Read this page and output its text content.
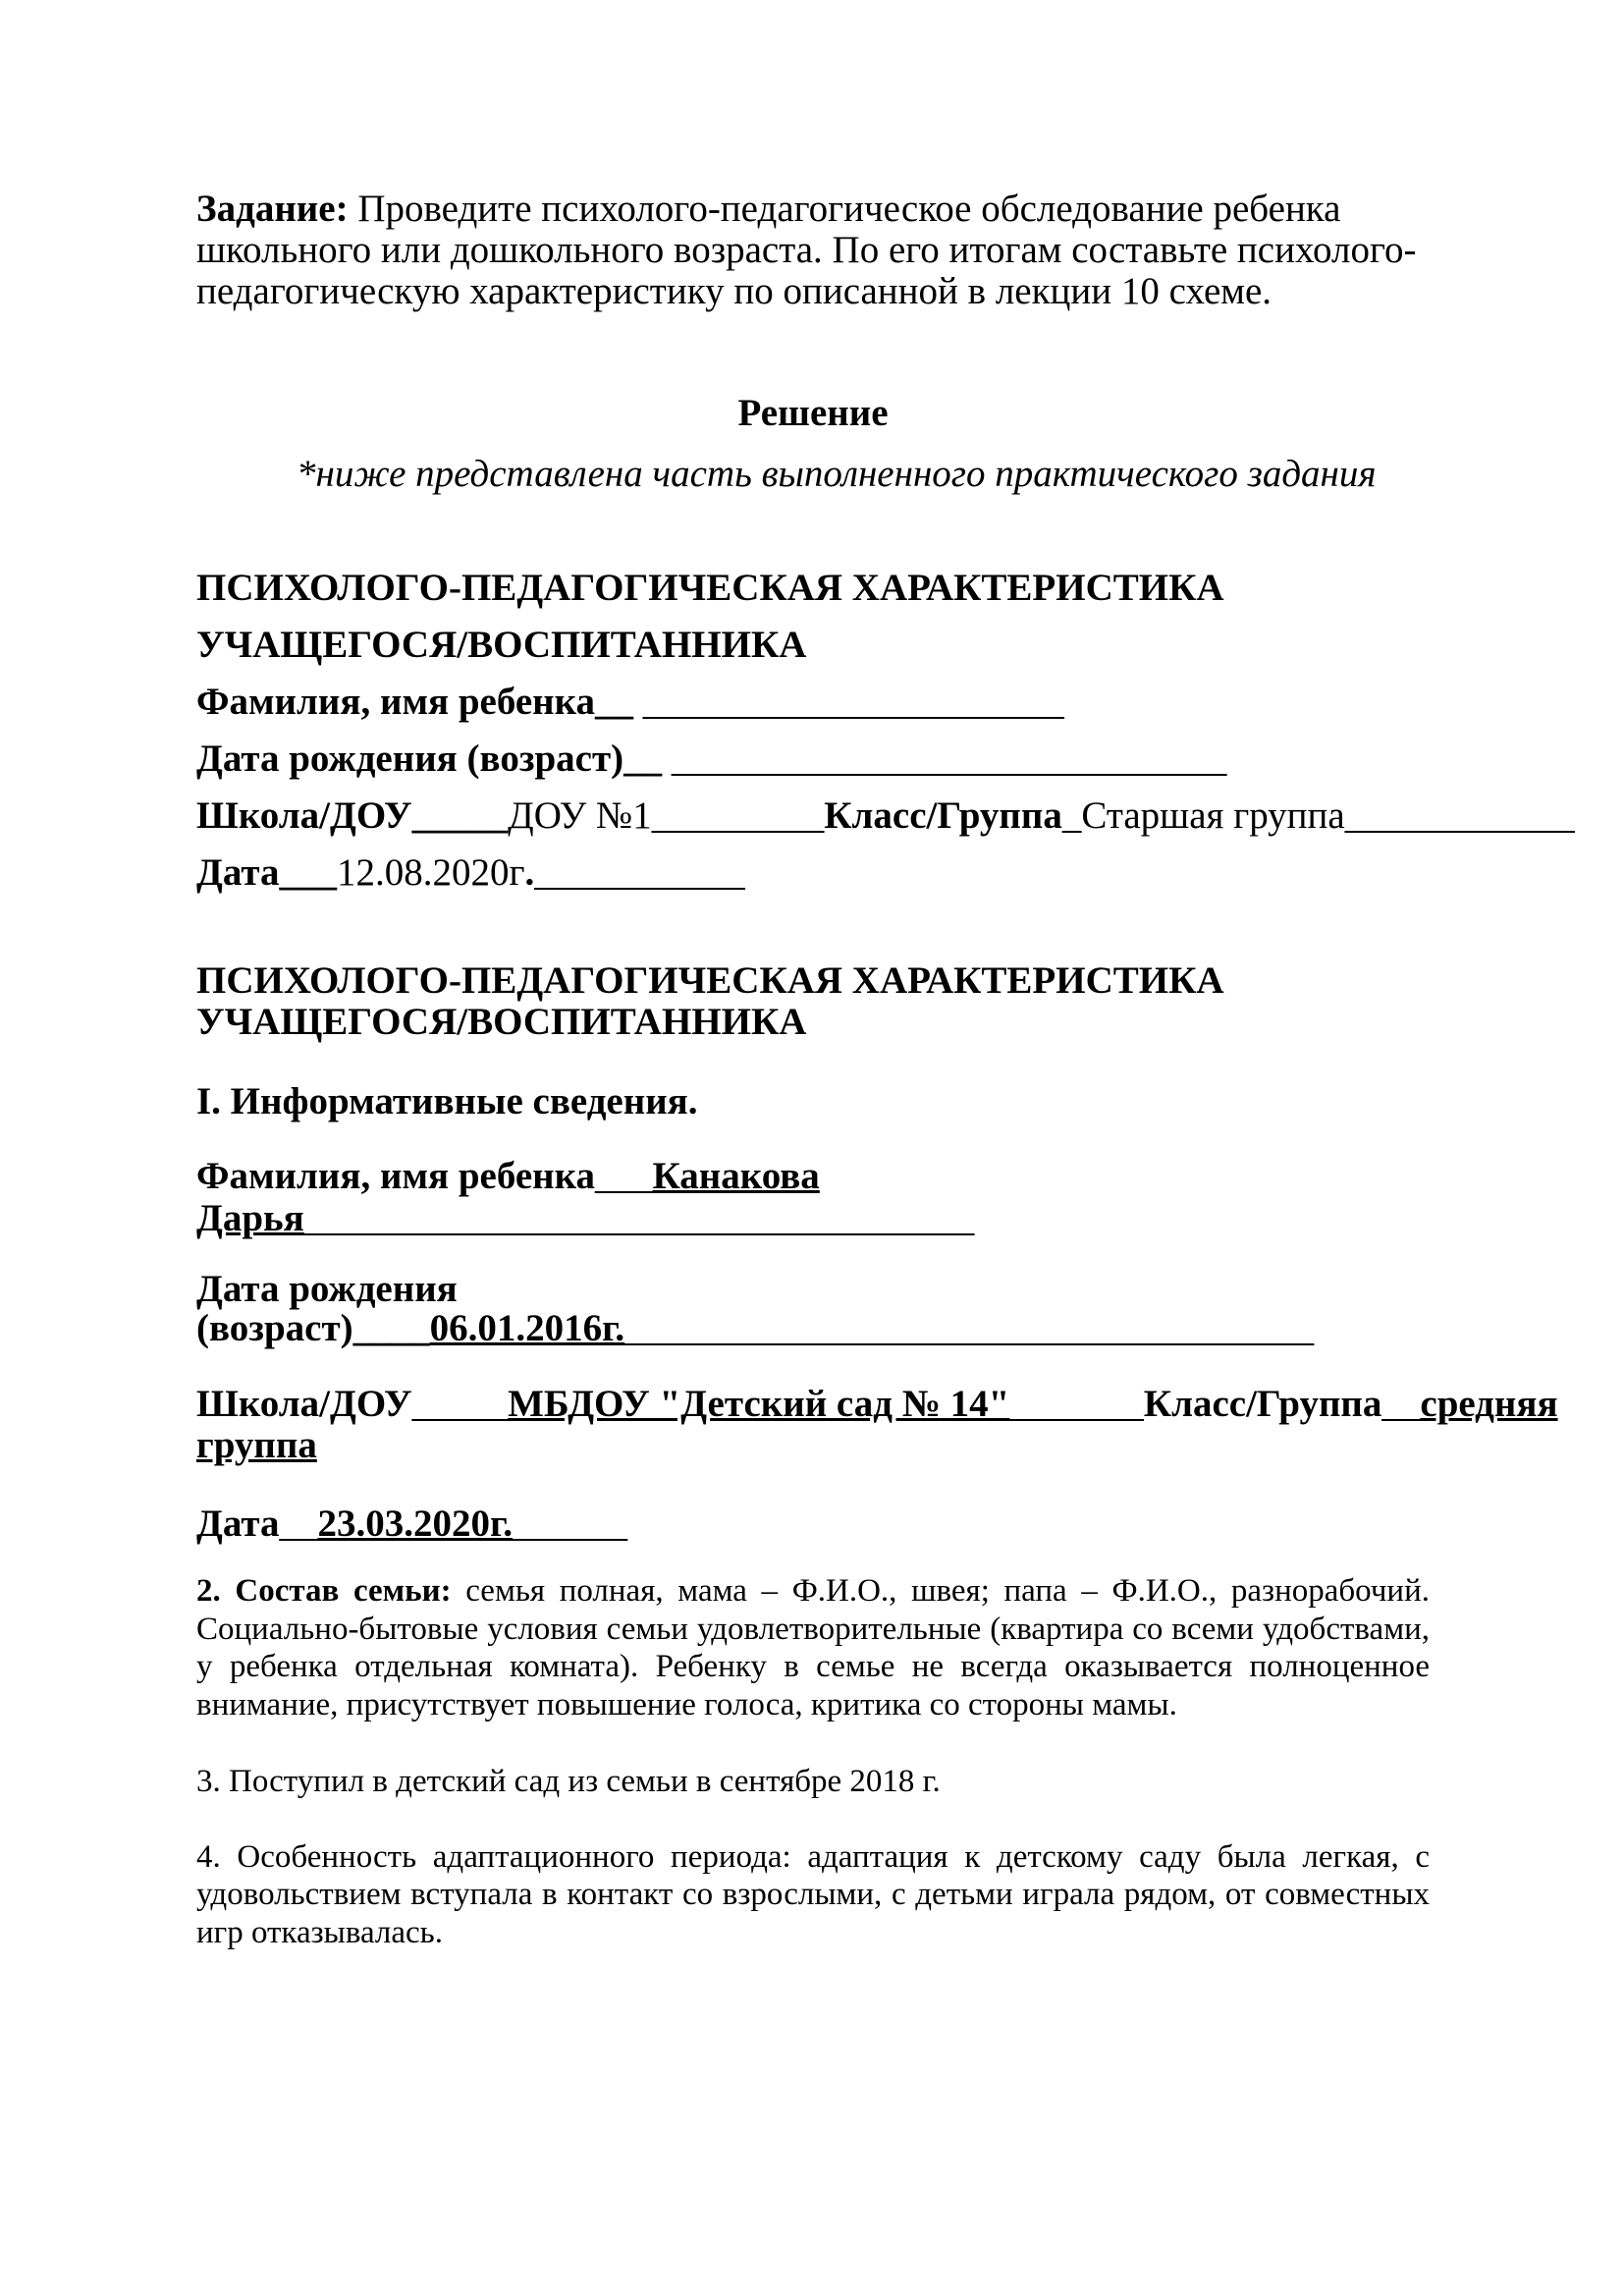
Задание: Проведите психолого-педагогическое обследование ребенка школьного или дошкольного возраста. По его итогам составьте психолого-педагогическую характеристику по описанной в лекции 10 схеме.
Решение
*ниже представлена часть выполненного практического задания
ПСИХОЛОГО-ПЕДАГОГИЧЕСКАЯ ХАРАКТЕРИСТИКА
УЧАЩЕГОСЯ/ВОСПИТАННИКА
Фамилия, имя ребенка__ ______________________
Дата рождения (возраст)__ _____________________________
Школа/ДОУ_____ДОУ №1_________Класс/Группа_Старшая группа____________
Дата___12.08.2020г.___________
ПСИХОЛОГО-ПЕДАГОГИЧЕСКАЯ ХАРАКТЕРИСТИКА
УЧАЩЕГОСЯ/ВОСПИТАННИКА
I. Информативные сведения.
Фамилия, имя ребенка___Канакова
Дарья___________________________________
Дата рождения
(возраст)____06.01.2016г.____________________________________
Школа/ДОУ_____МБДОУ "Детский сад № 14"_______Класс/Группа__средняя
группа
Дата__23.03.2020г.______
2. Состав семьи: семья полная, мама – Ф.И.О., швея; папа – Ф.И.О., разнорабочий. Социально-бытовые условия семьи удовлетворительные (квартира со всеми удобствами, у ребенка отдельная комната). Ребенку в семье не всегда оказывается полноценное внимание, присутствует повышение голоса, критика со стороны мамы.
3. Поступил в детский сад из семьи в сентябре 2018 г.
4. Особенность адаптационного периода: адаптация к детскому саду была легкая, с удовольствием вступала в контакт со взрослыми, с детьми играла рядом, от совместных игр отказывалась.
